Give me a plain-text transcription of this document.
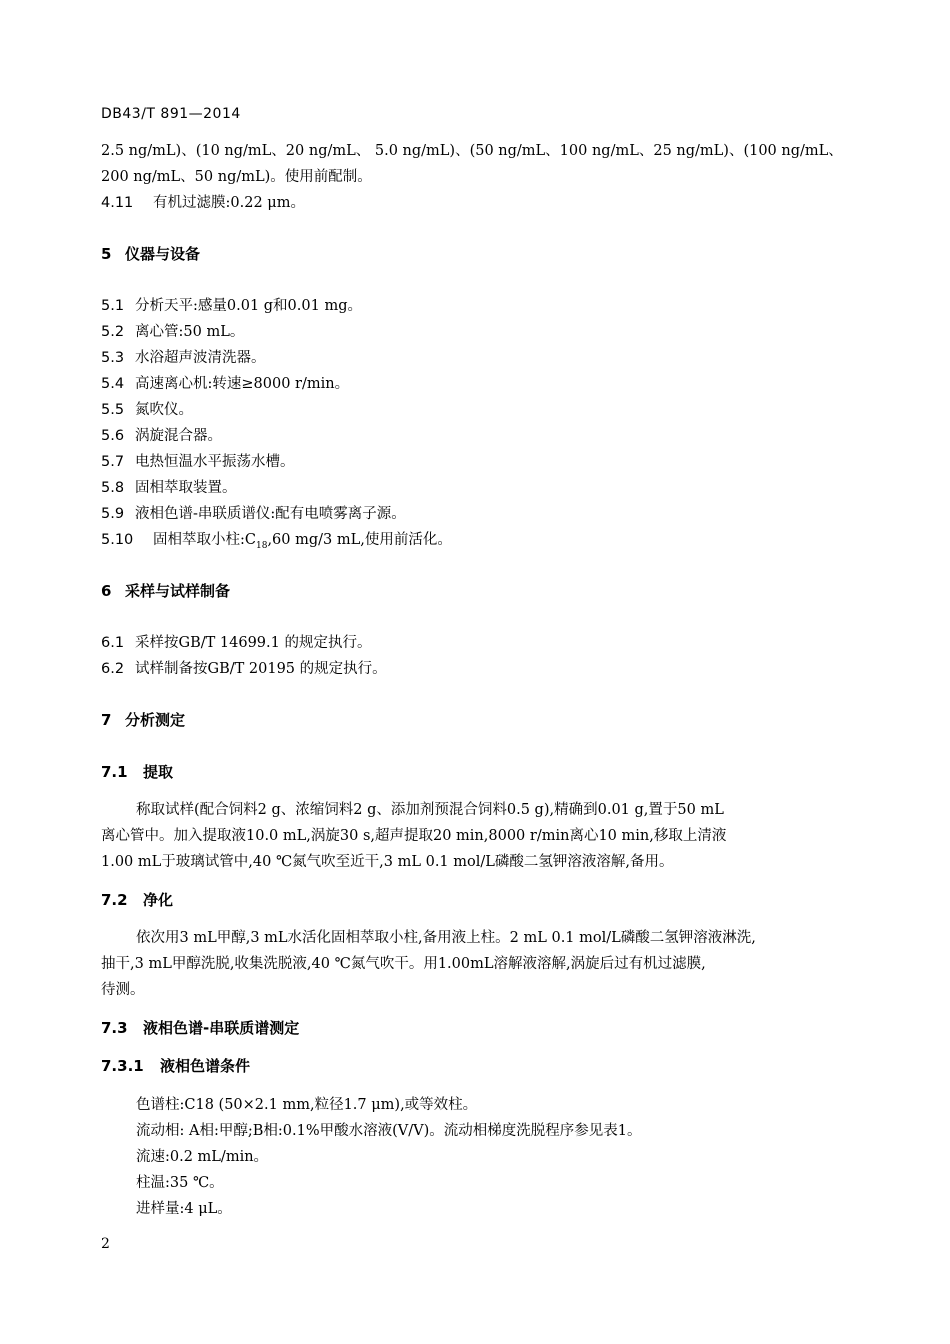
DB43/T 891—2014
2.5 ng/mL)、(10 ng/mL、20 ng/mL、 5.0 ng/mL)、(50 ng/mL、100 ng/mL、25 ng/mL)、(100 ng/mL、
200 ng/mL、50 ng/mL)。使用前配制。
4.11 有机过滤膜:0.22 μm。
5 仪器与设备
5.1 分析天平:感量0.01 g和0.01 mg。
5.2 离心管:50 mL。
5.3 水浴超声波清洗器。
5.4 高速离心机:转速≥8000 r/min。
5.5 氮吹仪。
5.6 涡旋混合器。
5.7 电热恒温水平振荡水槽。
5.8 固相萃取装置。
5.9 液相色谱-串联质谱仪:配有电喷雾离子源。
5.10 固相萃取小柱$:C_{18},60$ mg/3 mL,使用前活化。
6 采样与试样制备
6.1 采样按GB/T 14699.1 的规定执行。
6.2 试样制备按GB/T 20195 的规定执行。
7 分析测定
7.1 提取
称取试样(配合饲料2 g、浓缩饲料2 g、添加剂预混合饲料0.5 g),精确到0.01 g,置于50 mL
离心管中。加入提取液10.0 mL,涡旋30 s,超声提取20 min,8000 r/min离心10 min,移取上清液
1.00 mL于玻璃试管中,40 ℃氮气吹至近干,3 mL 0.1 mol/L磷酸二氢钾溶液溶解,备用。
7.2 净化
依次用3 mL甲醇,3 mL水活化固相萃取小柱,备用液上柱。2 mL 0.1 mol/L磷酸二氢钾溶液淋洗,
抽干,3 mL甲醇洗脱,收集洗脱液,40 ℃氮气吹干。用1.00mL溶解液溶解,涡旋后过有机过滤膜,
待测。
7.3 液相色谱-串联质谱测定
7.3.1 液相色谱条件
色谱柱:C18 (50×2.1 mm,粒径1.7 μm),或等效柱。
流动相: A相:甲醇;B相:0.1%甲酸水溶液(V/V)。流动相梯度洗脱程序参见表1。
流速:0.2 mL/min。
柱温:35 ℃。
进样量:4 μL。
2
